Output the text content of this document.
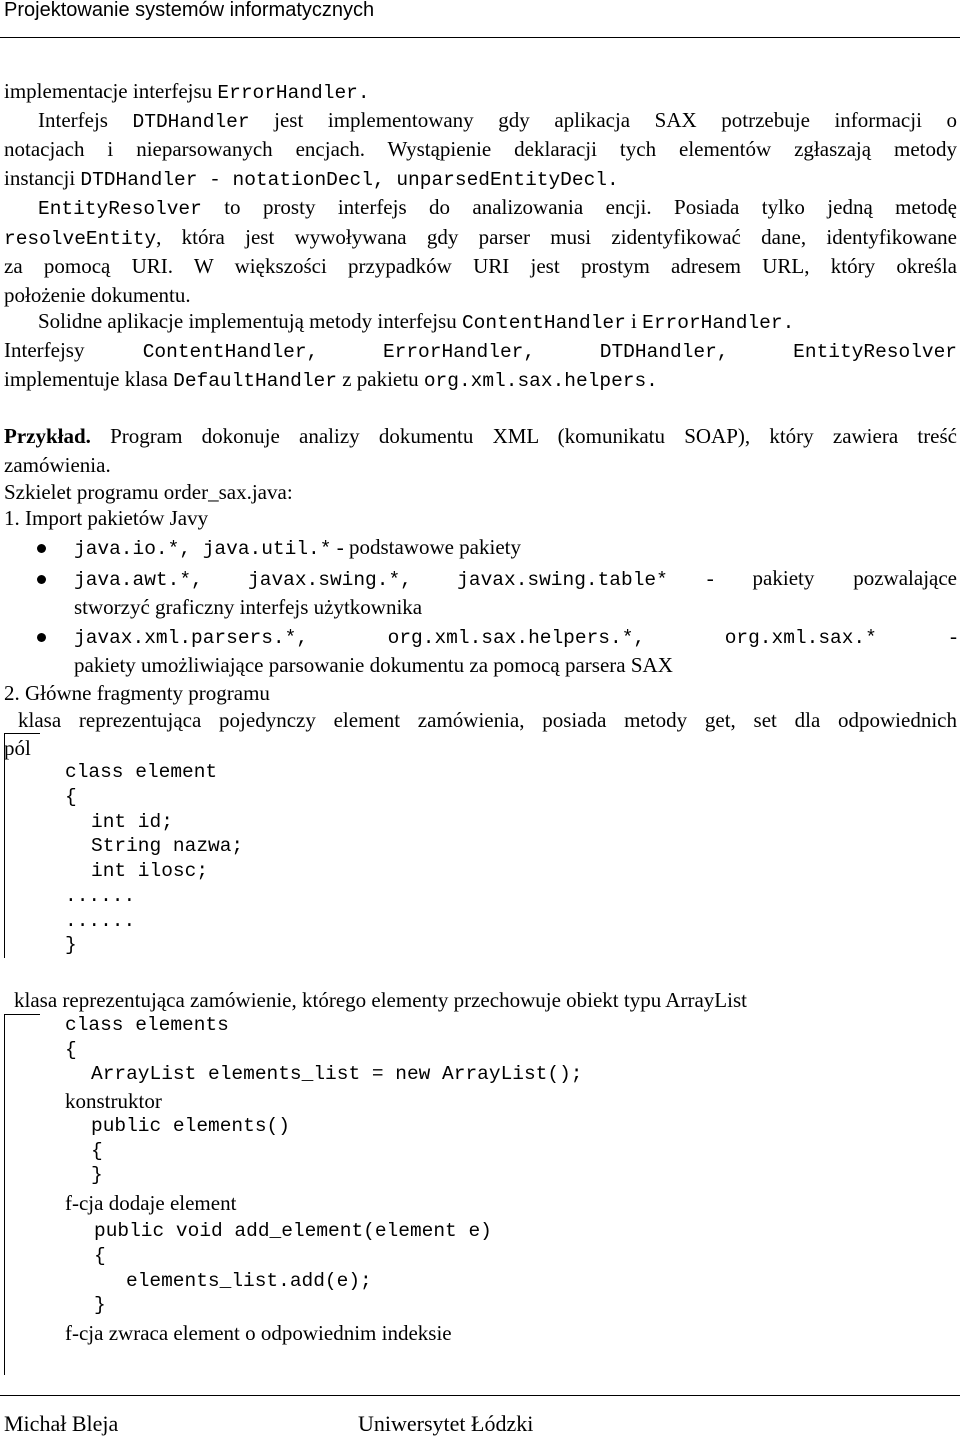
Projektowanie systemów informatycznych
implementacje interfejsu ErrorHandler.
Interfejs DTDHandler jest implementowany gdy aplikacja SAX potrzebuje informacji o
notacjach i nieparsowanych encjach. Wystąpienie deklaracji tych elementów zgłaszają metody
instancji DTDHandler - notationDecl, unparsedEntityDecl.
EntityResolver to prosty interfejs do analizowania encji. Posiada tylko jedną metodę
resolveEntity, która jest wywoływana gdy parser musi zidentyfikować dane, identyfikowane
za pomocą URI. W większości przypadków URI jest prostym adresem URL, który określa
położenie dokumentu.
Solidne aplikacje implementują metody interfejsu ContentHandler i ErrorHandler.
Interfejsy ContentHandler, ErrorHandler, DTDHandler, EntityResolver
implementuje klasa DefaultHandler z pakietu org.xml.sax.helpers.
Przykład. Program dokonuje analizy dokumentu XML (komunikatu SOAP), który zawiera treść
zamówienia.
Szkielet programu order_sax.java:
1. Import pakietów Javy
java.io.*, java.util.* - podstawowe pakiety
java.awt.*, javax.swing.*, javax.swing.table* - pakiety pozwalające
stworzyć graficzny interfejs użytkownika
javax.xml.parsers.*, org.xml.sax.helpers.*, org.xml.sax.* -
pakiety umożliwiające parsowanie dokumentu za pomocą parsera SAX
2. Główne fragmenty programu
klasa reprezentująca pojedynczy element zamówienia, posiada metody get, set dla odpowiednich
pól
class element
{
int id;
String nazwa;
int ilosc;
......
......
}
klasa reprezentująca zamówienie, którego elementy przechowuje obiekt typu ArrayList
class elements
{
ArrayList elements_list = new ArrayList();
konstruktor
public elements()
{
}
f-cja dodaje element
public void add_element(element e)
{
elements_list.add(e);
}
f-cja zwraca element o odpowiednim indeksie
Michał Bleja	Uniwersytet Łódzki
